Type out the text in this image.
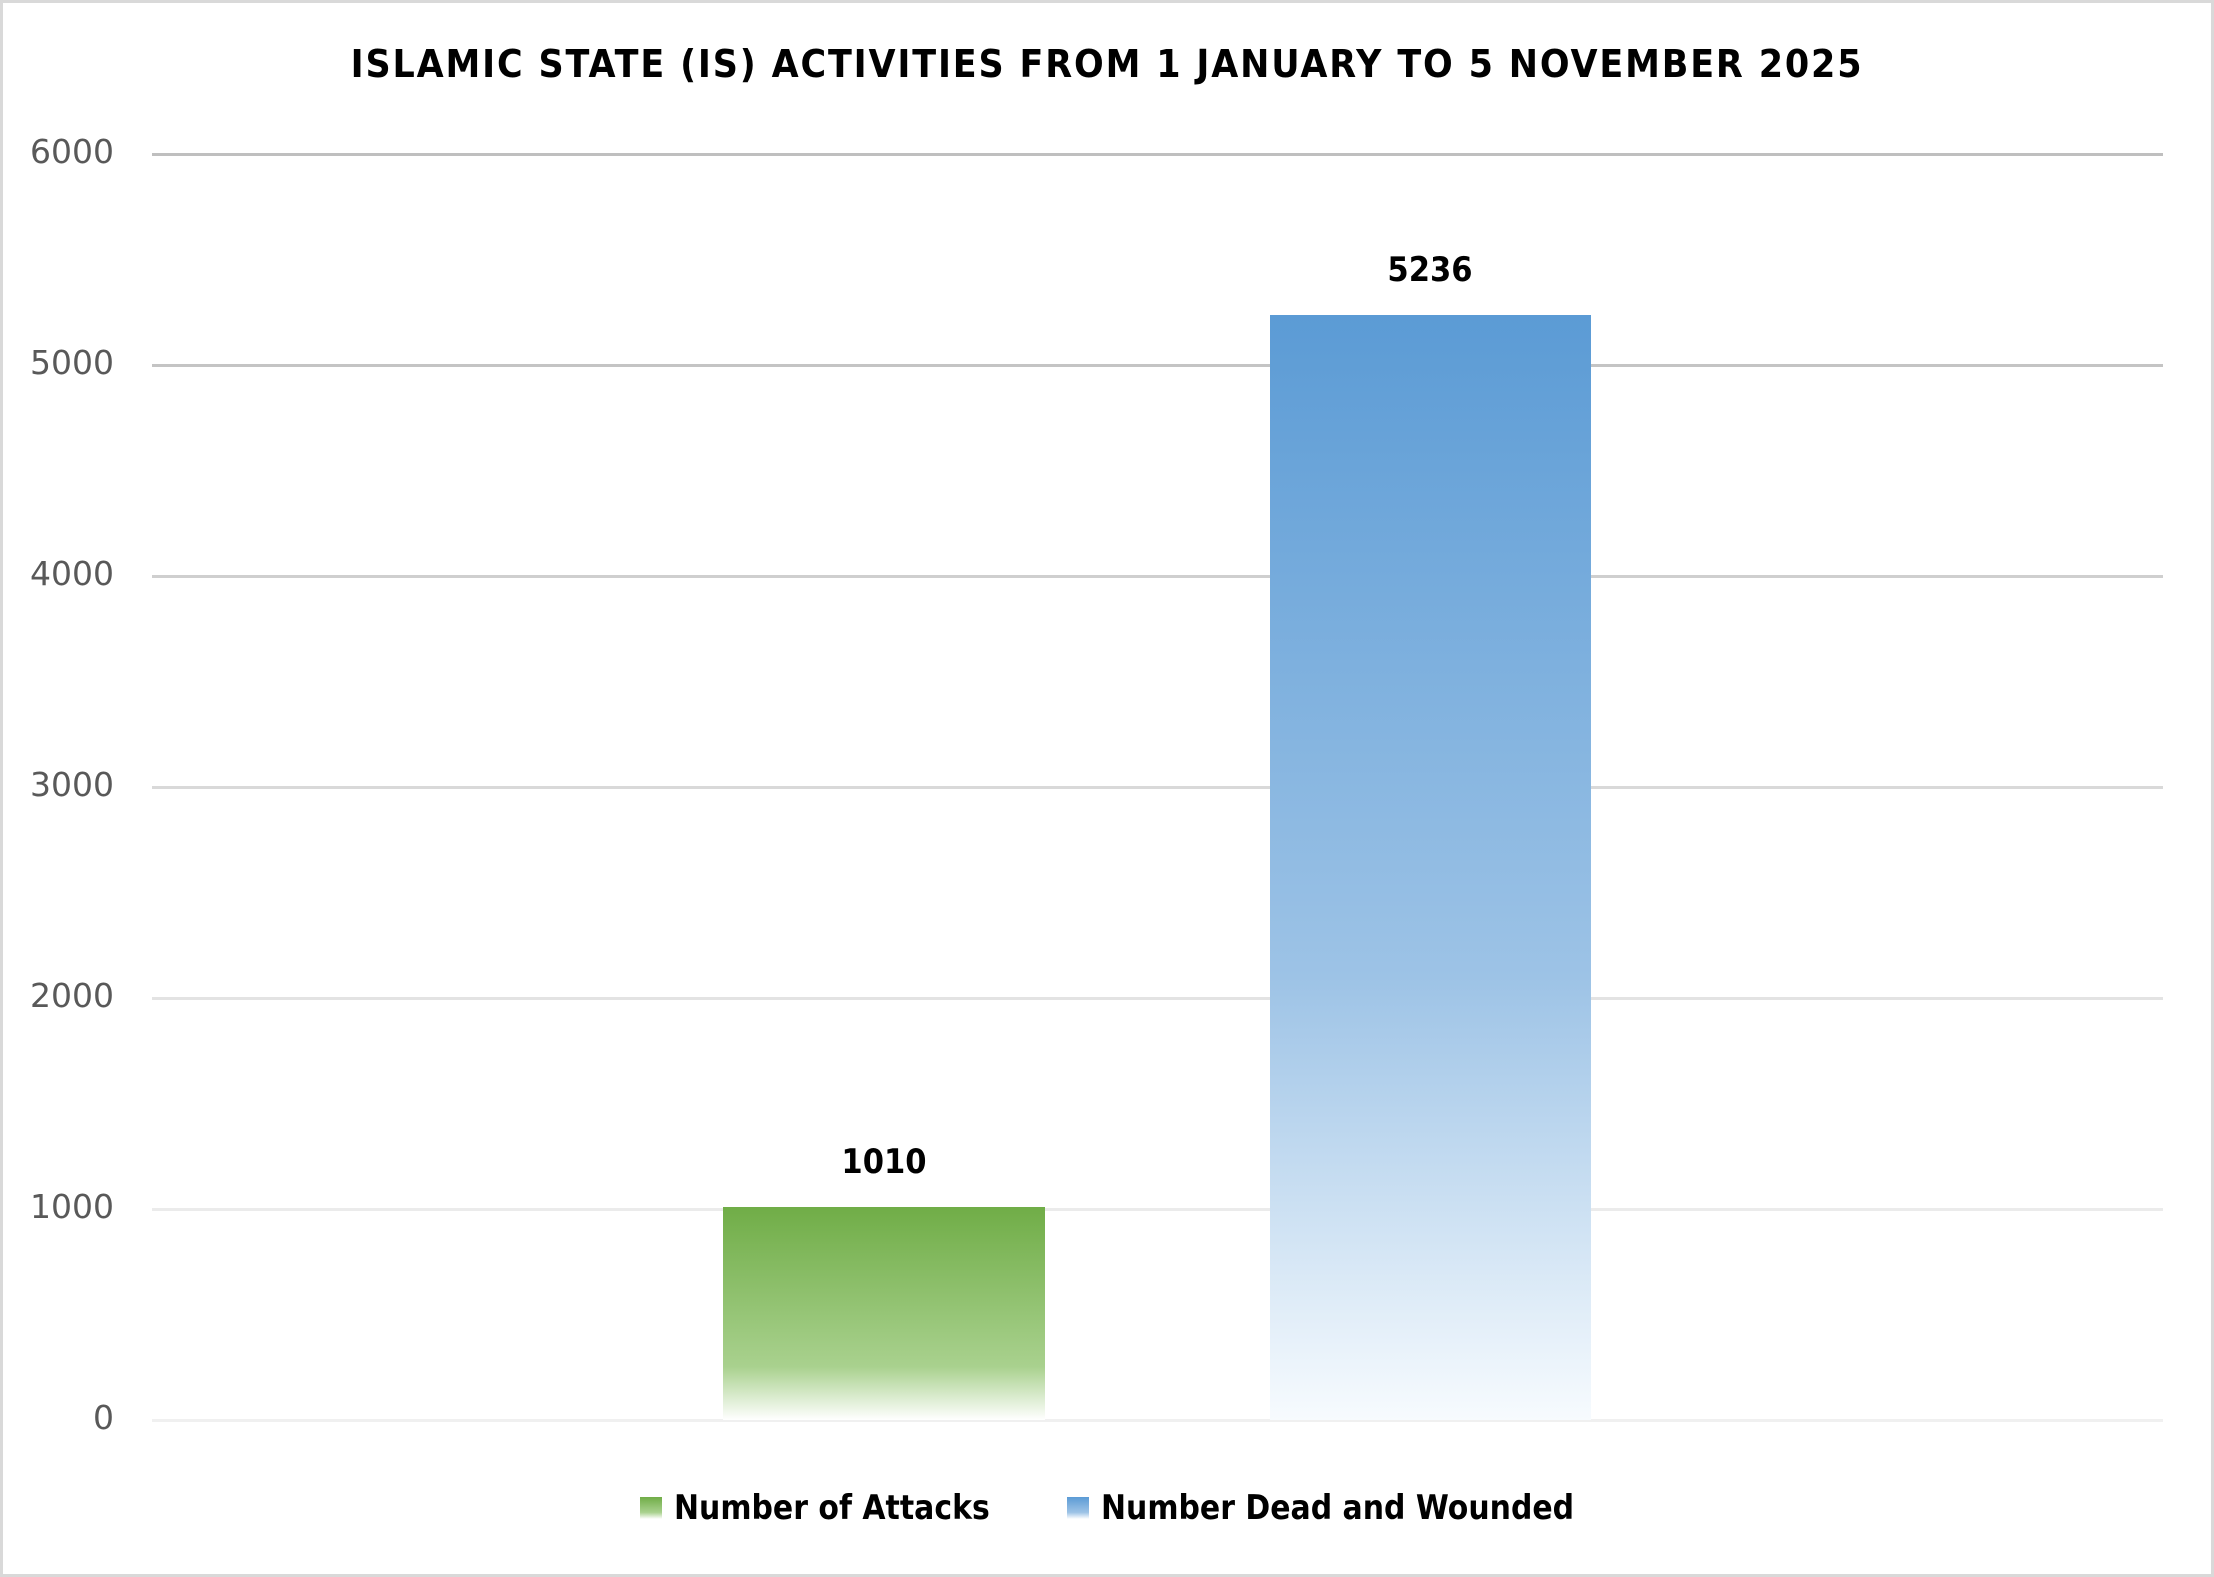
ISLAMIC STATE (IS) ACTIVITIES FROM 1 JANUARY TO 5 NOVEMBER 2025
6000
5000
4000
3000
2000
1000
0
1010
5236
Number of Attacks	Number Dead and Wounded
